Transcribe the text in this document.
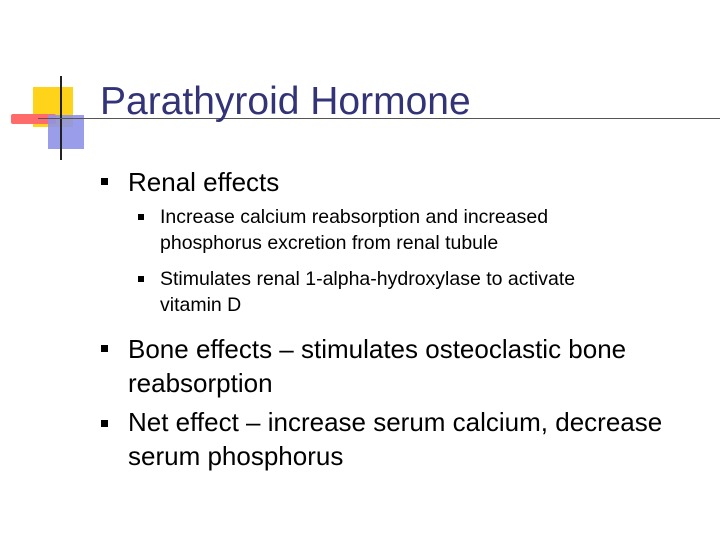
Parathyroid Hormone
Renal effects
Increase calcium reabsorption and increased
phosphorus excretion from renal tubule
Stimulates renal 1-alpha-hydroxylase to activate
vitamin D
Bone effects – stimulates osteoclastic bone
reabsorption
Net effect – increase serum calcium, decrease
serum phosphorus
